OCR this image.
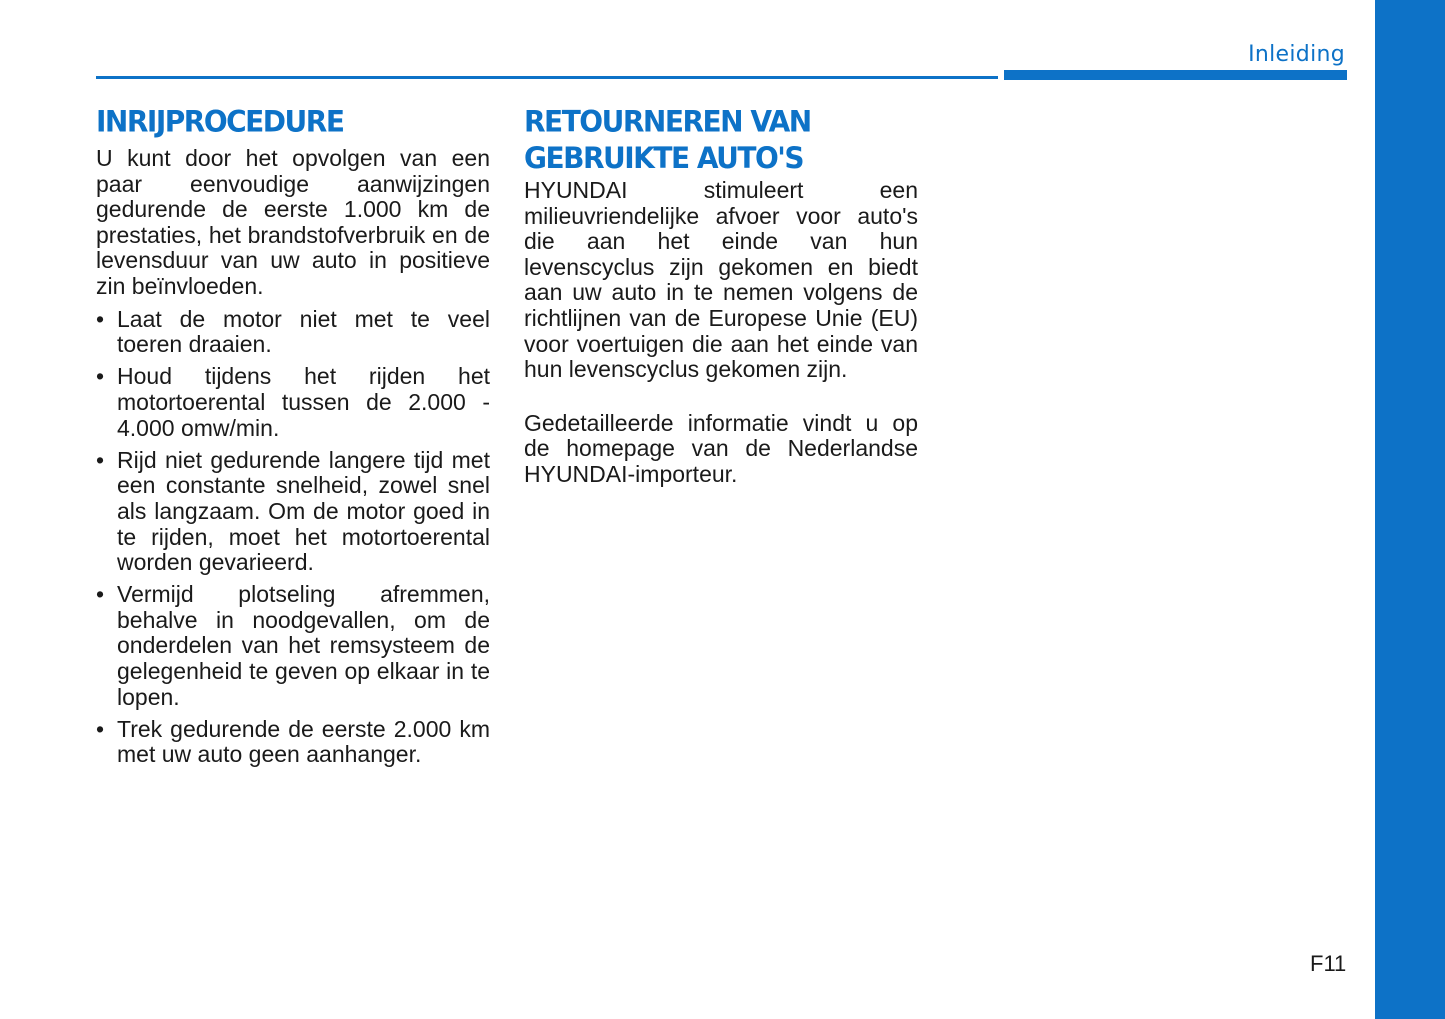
Inleiding
INRIJPROCEDURE

U kunt door het opvolgen van een paar eenvoudige aanwijzingen gedurende de eerste 1.000 km de prestaties, het brandstofverbruik en de levensduur van uw auto in positieve zin beïnvloeden.

• Laat de motor niet met te veel toeren draaien.
• Houd tijdens het rijden het motortoerental tussen de 2.000 - 4.000 omw/min.
• Rijd niet gedurende langere tijd met een constante snelheid, zowel snel als langzaam. Om de motor goed in te rijden, moet het motortoerental worden gevarieerd.
• Vermijd plotseling afremmen, behalve in noodgevallen, om de onderdelen van het remsysteem de gelegenheid te geven op elkaar in te lopen.
• Trek gedurende de eerste 2.000 km met uw auto geen aanhanger.
RETOURNEREN VAN
GEBRUIKTE AUTO'S

HYUNDAI stimuleert een milieuvriendelijke afvoer voor auto's die aan het einde van hun levenscyclus zijn gekomen en biedt aan uw auto in te nemen volgens de richtlijnen van de Europese Unie (EU) voor voertuigen die aan het einde van hun levenscyclus gekomen zijn.

Gedetailleerde informatie vindt u op de homepage van de Nederlandse HYUNDAI-importeur.

F11
